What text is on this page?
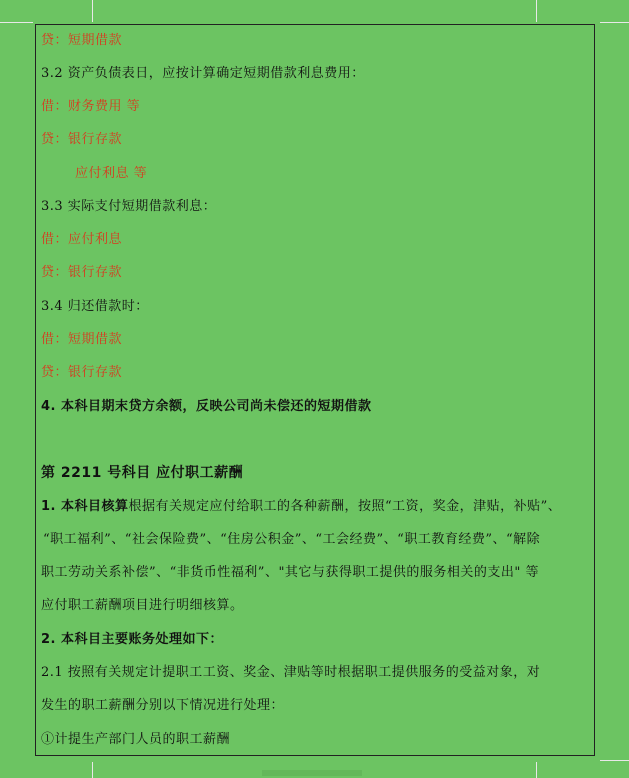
贷：短期借款
3.2 资产负债表日，应按计算确定短期借款利息费用：
借：财务费用 等
贷：银行存款
应付利息 等
3.3 实际支付短期借款利息：
借：应付利息
贷：银行存款
3.4 归还借款时：
借：短期借款
贷：银行存款
4. 本科目期末贷方余额，反映公司尚未偿还的短期借款
第 2211 号科目 应付职工薪酬
1. 本科目核算根据有关规定应付给职工的各种薪酬，按照“工资，奖金，津贴，补贴”、
“职工福利”、“社会保险费”、“住房公积金”、“工会经费”、“职工教育经费”、“解除
职工劳动关系补偿”、“非货币性福利”、"其它与获得职工提供的服务相关的支出" 等
应付职工薪酬项目进行明细核算。
2. 本科目主要账务处理如下：
2.1 按照有关规定计提职工工资、奖金、津贴等时根据职工提供服务的受益对象，对
发生的职工薪酬分别以下情况进行处理：
①计提生产部门人员的职工薪酬
